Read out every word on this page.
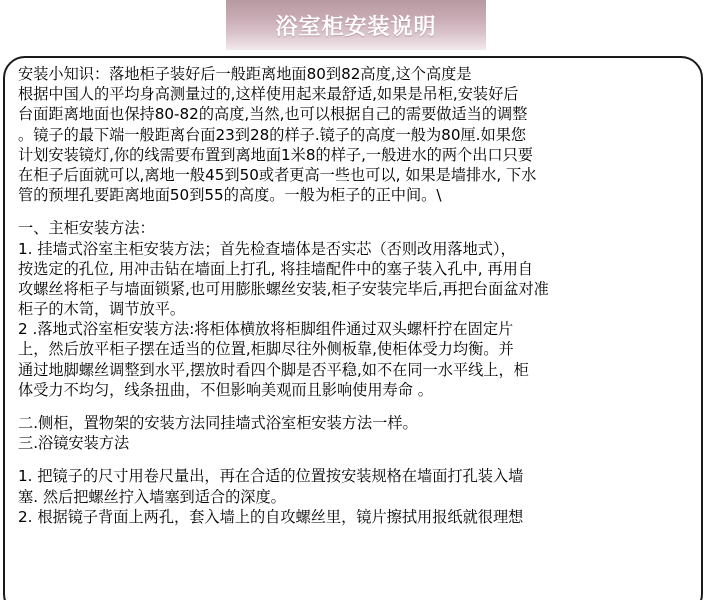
浴室柜安装说明
安装小知识：落地柜子装好后一般距离地面80到82高度,这个高度是
根据中国人的平均身高测量过的,这样使用起来最舒适,如果是吊柜,安装好后
台面距离地面也保持80-82的高度,当然,也可以根据自己的需要做适当的调整
。镜子的最下端一般距离台面23到28的样子.镜子的高度一般为80厘.如果您
计划安装镜灯,你的线需要布置到离地面1米8的样子,一般进水的两个出口只要
在柜子后面就可以,离地一般45到50或者更高一些也可以, 如果是墙排水, 下水
管的预埋孔要距离地面50到55的高度。一般为柜子的正中间。\
一、主柜安装方法：
1. 挂墙式浴室主柜安装方法；首先检查墙体是否实芯（否则改用落地式），
按选定的孔位, 用冲击钻在墙面上打孔, 将挂墙配件中的塞子装入孔中, 再用自
攻螺丝将柜子与墙面锁紧,也可用膨胀螺丝安装,柜子安装完毕后,再把台面盆对准
柜子的木笥，调节放平。
2 .落地式浴室柜安装方法:将柜体横放将柜脚组件通过双头螺杆拧在固定片
上，然后放平柜子摆在适当的位置,柜脚尽往外侧板靠,使柜体受力均衡。并
通过地脚螺丝调整到水平,摆放时看四个脚是否平稳,如不在同一水平线上，柜
体受力不均匀，线条扭曲，不但影响美观而且影响使用寿命 。
二.侧柜，置物架的安装方法同挂墙式浴室柜安装方法一样。
三.浴镜安装方法
1. 把镜子的尺寸用卷尺量出，再在合适的位置按安装规格在墙面打孔装入墙
塞. 然后把螺丝拧入墙塞到适合的深度。
2. 根据镜子背面上两孔，套入墙上的自攻螺丝里，镜片擦拭用报纸就很理想
